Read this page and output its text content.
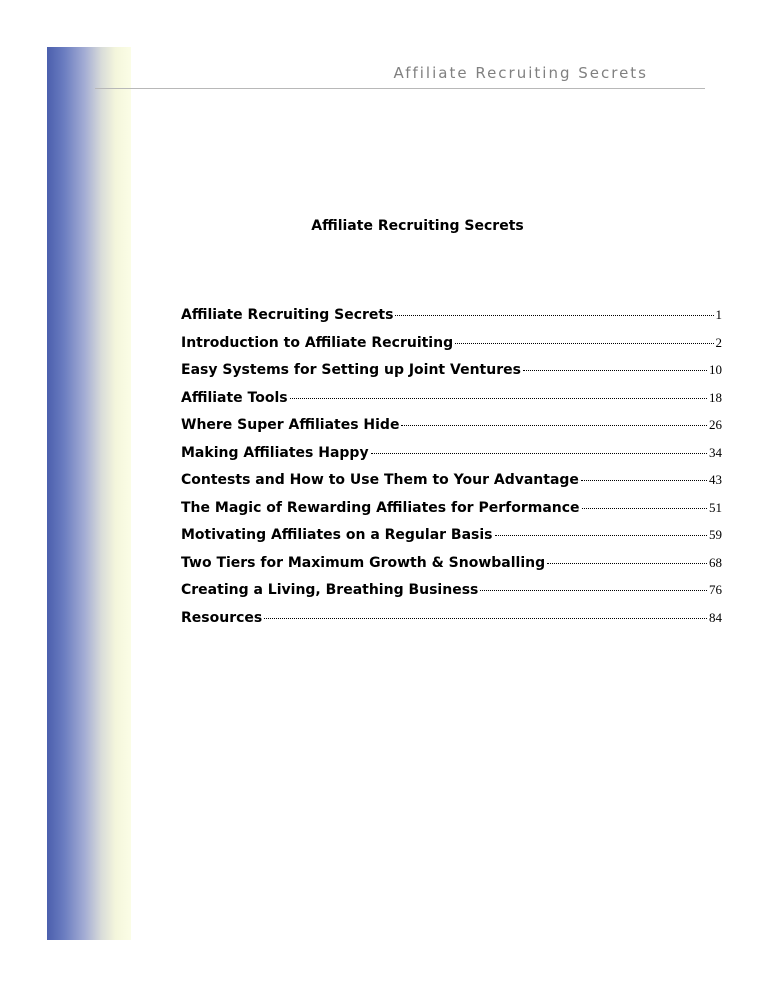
Affiliate Recruiting Secrets
Affiliate Recruiting Secrets
Affiliate Recruiting Secrets	1
Introduction to Affiliate Recruiting	2
Easy Systems for Setting up Joint Ventures	10
Affiliate Tools	18
Where Super Affiliates Hide	26
Making Affiliates Happy	34
Contests and How to Use Them to Your Advantage	43
The Magic of Rewarding Affiliates for Performance	51
Motivating Affiliates on a Regular Basis	59
Two Tiers for Maximum Growth & Snowballing	68
Creating a Living, Breathing Business	76
Resources	84
